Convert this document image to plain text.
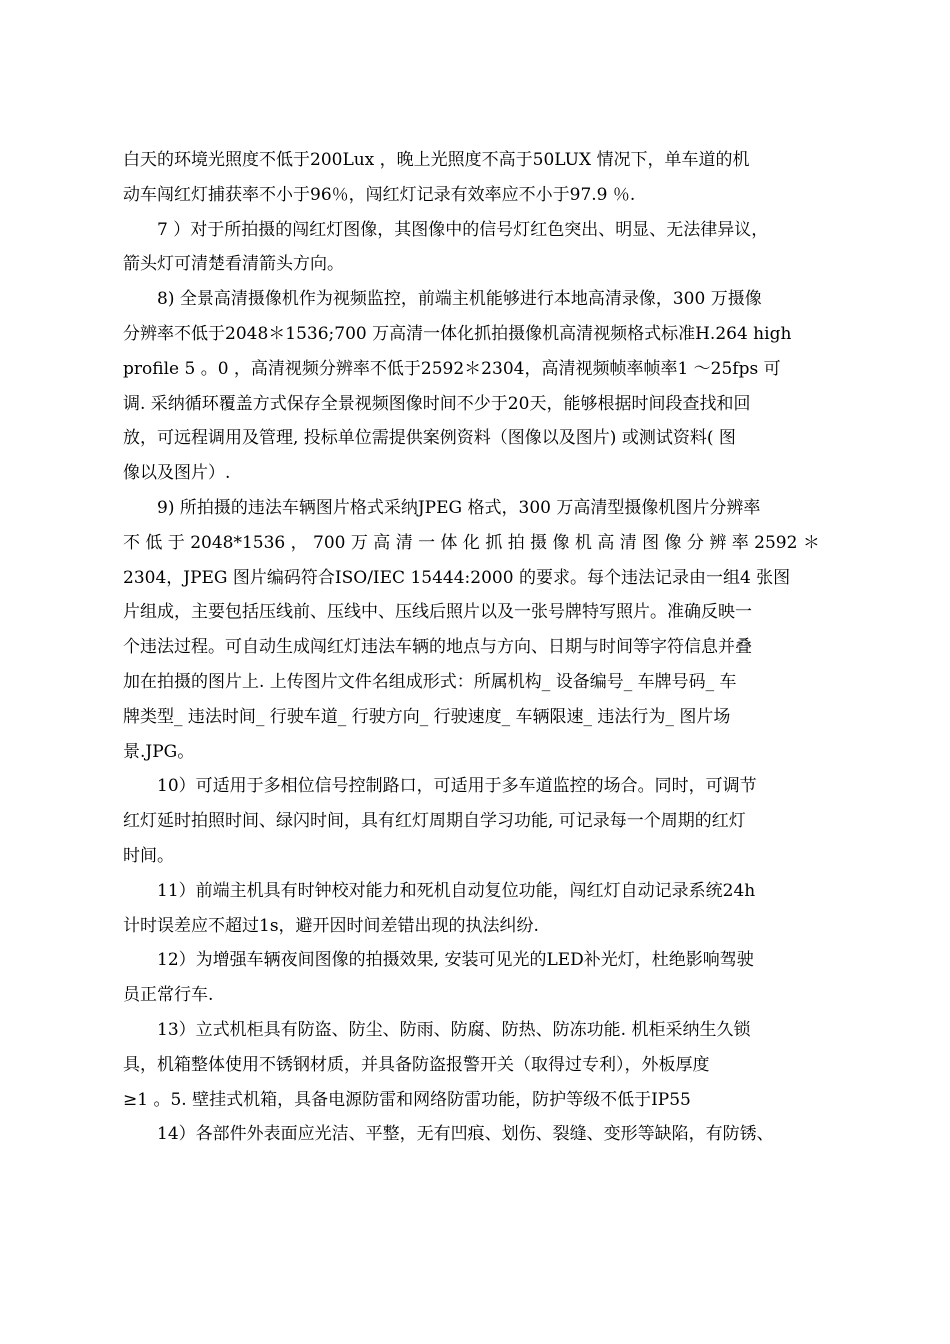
白天的环境光照度不低于200Lux ，晚上光照度不高于50LUX 情况下，单车道的机
动车闯红灯捕获率不小于96％，闯红灯记录有效率应不小于97.9 ％.

7 ）对于所拍摄的闯红灯图像，其图像中的信号灯红色突出、明显、无法律异议，
箭头灯可清楚看清箭头方向。

8) 全景高清摄像机作为视频监控，前端主机能够进行本地高清录像，300 万摄像
分辨率不低于2048＊1536;700 万高清一体化抓拍摄像机高清视频格式标准H.264 high
profile 5 。0 ，高清视频分辨率不低于2592＊2304，高清视频帧率帧率1 ～25fps 可
调. 采纳循环覆盖方式保存全景视频图像时间不少于20天，能够根据时间段查找和回
放，可远程调用及管理, 投标单位需提供案例资料（图像以及图片) 或测试资料( 图
像以及图片）.

9) 所拍摄的违法车辆图片格式采纳JPEG 格式，300 万高清型摄像机图片分辨率
不 低 于 2048*1536 ， 700 万 高 清 一 体 化 抓 拍 摄 像 机 高 清 图 像 分 辨 率 2592 ＊
2304，JPEG 图片编码符合ISO/IEC 15444:2000 的要求。每个违法记录由一组4 张图
片组成，主要包括压线前、压线中、压线后照片以及一张号牌特写照片。准确反映一
个违法过程。可自动生成闯红灯违法车辆的地点与方向、日期与时间等字符信息并叠
加在拍摄的图片上. 上传图片文件名组成形式：所属机构_ 设备编号_ 车牌号码_ 车
牌类型_ 违法时间_ 行驶车道_ 行驶方向_ 行驶速度_ 车辆限速_ 违法行为_ 图片场
景.JPG。

10）可适用于多相位信号控制路口，可适用于多车道监控的场合。同时，可调节
红灯延时拍照时间、绿闪时间，具有红灯周期自学习功能, 可记录每一个周期的红灯
时间。

11）前端主机具有时钟校对能力和死机自动复位功能，闯红灯自动记录系统24h
计时误差应不超过1s，避开因时间差错出现的执法纠纷.

12）为增强车辆夜间图像的拍摄效果, 安装可见光的LED补光灯，杜绝影响驾驶
员正常行车.

13）立式机柜具有防盗、防尘、防雨、防腐、防热、防冻功能. 机柜采纳生久锁
具，机箱整体使用不锈钢材质，并具备防盗报警开关（取得过专利），外板厚度
≥1 。5. 壁挂式机箱，具备电源防雷和网络防雷功能，防护等级不低于IP55

14）各部件外表面应光洁、平整，无有凹痕、划伤、裂缝、变形等缺陷，有防锈、
